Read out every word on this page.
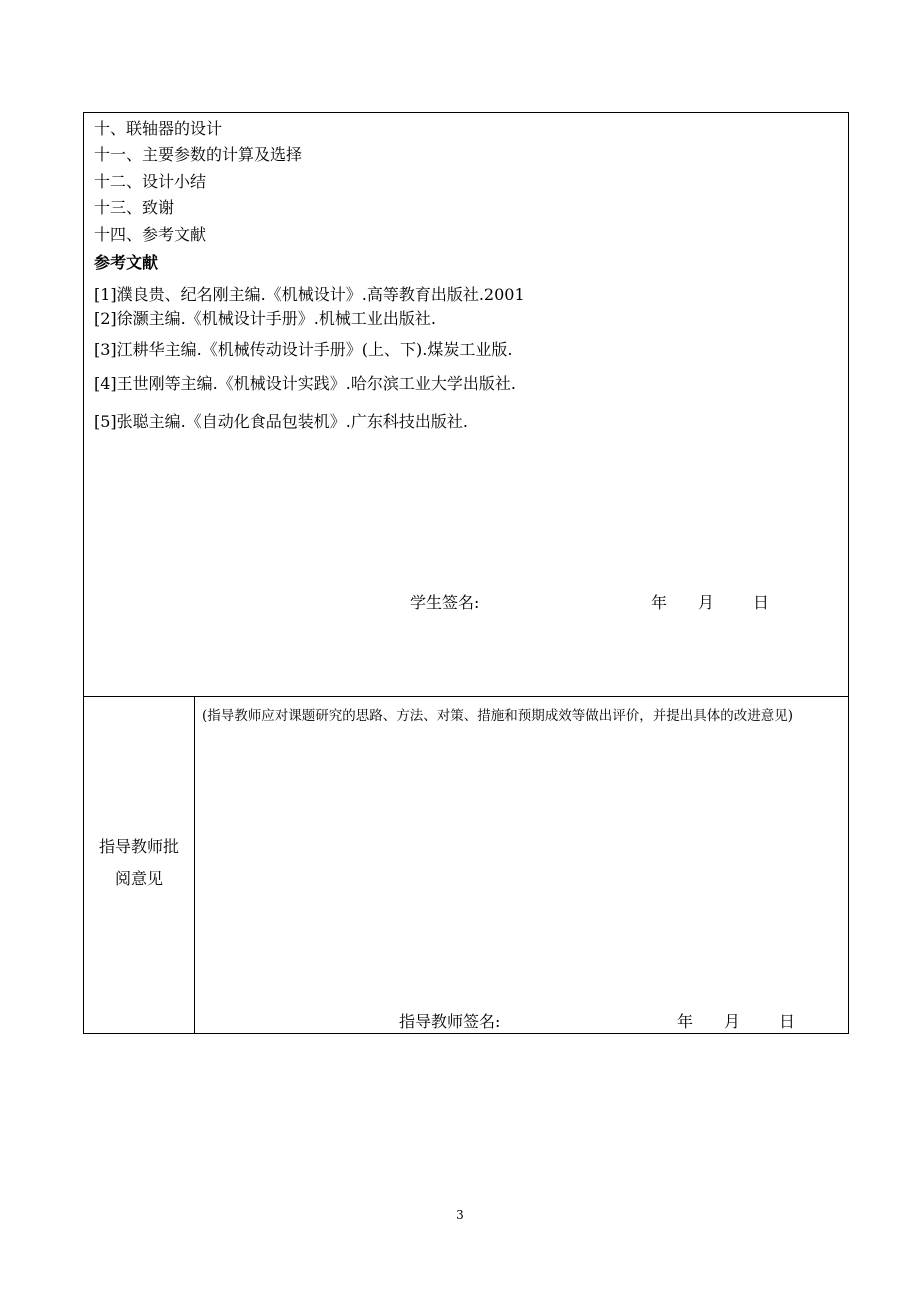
十、联轴器的设计
十一、主要参数的计算及选择
十二、设计小结
十三、致谢
十四、参考文献
参考文献
[1]濮良贵、纪名刚主编.《机械设计》.高等教育出版社.2001
[2]徐灏主编.《机械设计手册》.机械工业出版社.
[3]江耕华主编.《机械传动设计手册》(上、下).煤炭工业版.
[4]王世刚等主编.《机械设计实践》.哈尔滨工业大学出版社.
[5]张聪主编.《自动化食品包装机》.广东科技出版社.
学生签名:	年 月 日
指导教师批
阅意见
(指导教师应对课题研究的思路、方法、对策、措施和预期成效等做出评价，并提出具体的改进意见)
指导教师签名:	年 月 日
3
